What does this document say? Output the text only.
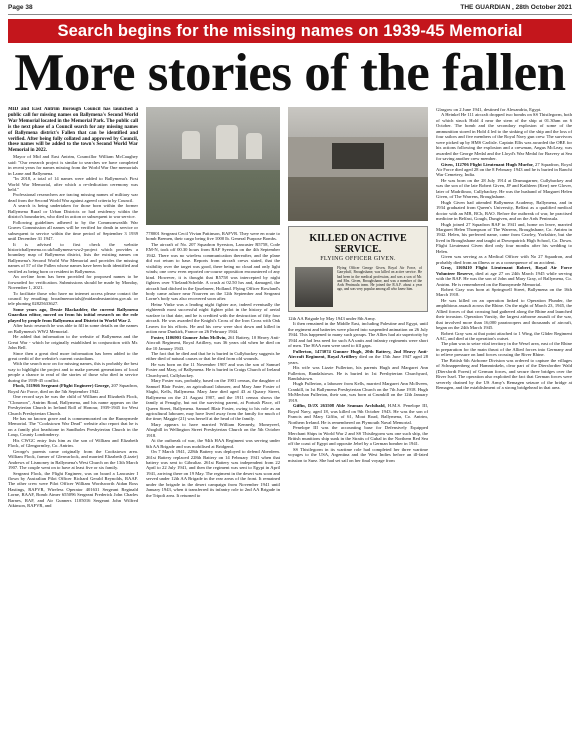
Page 38	THE GUARDIAN , 28th October 2021
Search begins for the missing names on 1939-45 Memorial
More stories of the fallen

MID and East Antrim Borough Council has launched a public call for missing names on Ballymena's Second World War Memorial located in the Memorial Park. The public call is the next phase of a Council search for any missing names of Ballymena district's Fallen that can be identified and verified. After being fully collated and approved by Council, these names will be added to the town's Second World War Memorial in 2022.

Mayor of Mid and East Antrim, Councillor William McCaughey said: "Our research project is similar to searches we have completed in recent years for names missing from the World War One memorials in Larne and Ballymena.

"In 2018, a total of 14 names were added to Ballymena's First World War Memorial, after which a re-dedication ceremony was held."

Professional researchers are tracing missing names of military war dead from the Second World War against agreed criteria by Council.

A search is being undertaken for those born within the former Ballymena Rural or Urban Districts or had residency within the district's boundaries, who died in action or subsequent to war service.

Following guidelines adhered to by the Commonwealth War Graves Commission all names will be verified for death in service or subsequent to service within the time period of September 3 1939 until December 31 1947.

It is advised to first check the website historicballymena.co.uk/ballymena-ww2-project which provides a boundary map of Ballymena district, lists the existing names on Ballymena's Second World War Memorial and provides the missing names of 57 of the Fallen whose names have been both identified and verified as being born or resident in Ballymena.

An on-line form has been provided for proposed names to be forwarded for verification. Submissions should be made by Monday, November 1, 2021.

To facilitate those who have no internet access please contact the council by emailing: broadmemorials@midandeastantrim.gov.uk or tele phoning 02825633627.

Some years ago, Dessie Blackadder, the current Ballymena Guardian editor, moved on from his initial research on the role played by people from Ballymena and District in World War 2.

After basic research he was able to fill in some details on the names on Ballymena's WW2 Memorial.

He added that information to the website of Ballymena and the Great War - which he originally established in conjunction with Mr. John Bell.

Since then a great deal more information has been added to the great credit of the website's current custodians.

With the search now on for missing names, this is probably the best way to highlight the project and to make present generations of local people a chance to read of the stories of those who died in service during the 1939-45 conflict.

Flock, 511966 Sergeant (Flight Engineer) George, 207 Squadron, Royal Air Force, died on the 5th September 1942.

One record says he was the child of William and Elizabeth Flock, "Clonavon", Antrim Road, Ballymena, and his name appears on the Presbyterian Church in Ireland Roll of Honour, 1939-1945 for West Church Presbyterian Church.

He has no known grave and is commemorated on the Runnymede Memorial. The "Cookstown War Dead" website also report that he is on a family plot headstone in Sandholes Presbyterian Church in the Loup, County Londonderry.

His CWGC entry lists him as the son of William and Elizabeth Flock, of Glengormley, Co. Antrim.

George's parents came originally from the Cookstown area. William Flock, farmer of Glenvarlock, and married Elizabeth (Lizzie) Andrews of Lismoney in Ballymena's West Church on the 13th March 1907. The couple went on to have at least five or six family.

Sergeant Flock, the Flight Engineer, was on board a Lancaster I flown by Australian Pilot Officer Richard Gerald Reynolds, RAAF. The other crew were Pilot Officer William Wordsworth Aidan Ross Hastings, RAFVR, Wireless Operator 401631 Sergeant Reginald Lorne, RAAF, Bomb Aimer 655096 Sergeant Frederick John Charles Barnes, RAF, and Air Gunners 1105016 Sergeant John Wilfred Atkinson, RAFVR, and

778001 Sergeant Cecil Vivian Pattinson, RAFVR. They were en route to bomb Bremen, their cargo being five 1000 lb. General Purpose Bombs.

The aircraft of No. 207 Squadron Syerston, Lancaster R5758, Code EM-N, took off 00.30 hours from RAF Syerston on the 4th September 1942. There was no wireless communication thereafter, and the plane did not return to base. Reports from aircraft crews stated, that the visibility over the target was good, there being no cloud and only light winds; one crew even reported on-course opposition encountered of any kind. However, it is thought that R5758 was intercepted by night fighters over Vlieland/Schelde. A crash at 02.50 hrs and, damaged, the aircraft had ditched in the Ijsselmeer, Holland. Flying Officer Rowland's body came ashore near Noarven on the 12th September and Sergeant Lorne's body was also recovered soon after.

Heinz Vinke was a leading night fighter ace, indeed eventually the eighteenth most successful night fighter pilot in the history of aerial warfare to that date, and he is credited with the destruction of fifty four aircraft. He was awarded the Knight's Cross of the Iron Cross with Oak Leaves for his efforts. He and his crew were shot down and killed in action near Dunkirk, France on 26 February 1944.

Foster, 1106901 Gunner John McIlvin, 261 Battery, 10 Heavy Anti-Aircraft Regiment, Royal Artillery, was 36 years old when he died on the 10 January 1943.

The fact that he died and that he is buried in Cullybackey suggests he either died of natural causes or that he died from old wounds.

He was born on the 11 November 1907 and was the son of Samuel Foster and Mary, of Ballymena. He is buried in Craigs Church of Ireland Churchyard, Cullybackey.

Mary Foster was, probably, based on the 1901 census, the daughter of Samuel Blair Foster, an agricultural labourer, and Mary Jane Foster of Slaght, Kells, Ballymena. Mary Jane died aged 43 at Quarry Street, Ballymena on the 21 August 1907, and the 1911 census shows the family at Fenaghy, but not the surviving parent, at Portush Place, off Queen Street, Ballymena. Samuel Blair Foster, owing to his role as an agricultural labourer, may have lived away from the family for much of the time; Maggie (21) was herself at the head of the family.

Mary appears to have married William Kennedy, Moneyreel, Ahoghill in Wellington Street Presbyterian Church on the 5th October 1918.

At the outbreak of war, the 94th HAA Regiment was serving under 6th AA Brigade and was mobilised at Bridgend.

On 7 March 1941, 228th Battery was deployed to defend Aberdeen. 261st Battery replaced 228th Battery on 14 February 1941 when that battery was sent to Gibraltar. 261st Battery was independent from 22 April to 22 July 1941, and then the regiment was sent to Egypt in April 1941, arriving there on 19 May. The regiment in the desert was soon and served under 12th AA Brigade in the rear areas of the front. It remained under the brigade in the desert campaign from November 1941 until January 1943, when it transferred its infantry role to 2nd AA Brigade in the Tripoli area. It returned to

KILLED ON ACTIVE SERVICE.
FLYING OFFICER GIVEN.
Flying Officer George Given, Royal Air Force, of Garryduff, Broughshane, was killed on active service. He had been in the medical profession, and was a son of Mr. and Mrs. Given, Broughshane, and was a member of the Ards Peninsula team. He joined the R.A.F. about a year ago, and was very popular among all who knew him.

12th AA Brigade by May 1943 under 8th Army.

It then remained in the Middle East, including Palestine and Egypt, until the regiment and batteries were placed into suspended animation on 26 July 1944. This happened to many such groups. The Allies had air superiority by 1944 and fad less need for such AA units and infantry regiments were short of men. The HAA men were used to fill gaps.

Fullerton, 1473074 Gunner Hugh, 20th Battery, 2nd Heavy Anti-Aircraft Regiment, Royal Artillery died on the 15th June 1947 aged 28 years.

His wife was Lizzie Fullerton, his parents Hugh and Margaret Ann Fullerton, Randalstown. He is buried in 1st Presbyterian Churchyard, Randalstown.

Hugh Fullerton, a labourer from Kells, married Margaret Ann McIlveen, Crankill, in 1st Ballymena Presbyterian Church on the 7th June 1918. Hugh McMechan Fullerton, their son, was born at Crumkill on the 12th January 1919.

Giffin, D/JX 263508 Able Seaman Archibald, H.M.S. Penelope III, Royal Navy, aged 18, was killed on 9th October 1943. He was the son of Francis and Mary Giffin, of 61, Moat Road, Ballymena, Co. Antrim, Northern Ireland. He is remembered on Plymouth Naval Memorial.

Penelope III was the accounting base for Defensively Equipped Merchant Ships in World War 2 and SS Thistlegorm was one such ship, the British munitions ship sunk in the Straits of Gubal in the Northern Red Sea off the coast of Egypt and opposite Jebel by a German bomber in 1941.

SS Thistlegorm in its wartime role had completed her three wartime voyages to the USA, Argentina and the West Indies before an ill-fated mission to Suez. She had set sail on her final voyage from

Glasgow on 2 June 1941, destined for Alexandria, Egypt.

A Heinkel He 111 aircraft dropped two bombs on SS Thistlegorm, both of which struck Hold 4 near the stern of the ship at 01.30am on 6 October. The bomb and the secondary explosion of some of the ammunition stored in Hold 4 led to the sinking of the ship and the loss of four sailors and five members of the Royal Navy gun crew. The survivors were picked up by HMS Carlisle. Captain Ellis was awarded the OBE for his actions following the explosion and a crewman, Angus McLeay, was awarded the George Medal and the Lloyd's War Medal for Bravery at Sea for saving another crew member.

Given, 112706 Flight Lieutenant Hugh Murfor, 27 Squadron, Royal Air Force died aged 28 on the 8 February 1943 and he is buried in Ranchi War Cemetery, India.

He was born on the 28 July 1914 at Drumagarner, Cullybackey and was the son of the late Robert Given, JP and Kathleen (Kerr) nee Glover, later of Madrilinoo, Cullybackey. He was the husband of Margaret Helen Given, of The Warrens, Broughshane.

Hugh Given had attended Ballymena Academy, Ballymena, and in 1934 graduated from Queen's University, Belfast as a qualified medical doctor with an MB, BCh, BAO. Before the outbreak of war, he practised medicine in Belfast, Gough, Dungiven, and on the Ards Peninsula.

Hugh joined 27 Squadron RAF in 1941 and, home on leave, married Margaret Helen Thompson of The Warrens, Broughshane, Co. Antrim in 1942. Helen, his preferred name, came from Cawley, Yorkshire, but she lived in Broughshane and taught at Downpatrick High School, Co. Down. Flight Lieutenant Given died only four months after his wedding to Helen.

Given was serving as a Medical Officer with No 27 Squadron, and probably died from an illness or as a consequence of an accident.

Gray, 1160410 Flight Lieutenant Robert, Royal Air Force Volunteer Reserve, died at age 27 on 24th March 1945 while serving with the RAF. He was the son of John and Mary Gray, of Ballymena, Co. Antrim. He is remembered on the Runnymede Memorial.

Robert Gray was born at Springwell Street, Ballymena on the 16th March 1918.

He was killed on an operation linked to Operation Plunder, the amphibious assault across the Rhine. On the night of March 23, 1945, the Allied forces of that crossing had gathered along the Rhine and launched their invasion. Operation Varsity, the largest airborne assault of the war, that involved more than 16,000 paratroopers and thousands of aircraft, began on the 24th March 1945.

Robert Gray was at that point attached to 1 Wing, the Glider Regiment AAC, and died at the operation's outset.

The plan was to seize vital territory in the Wesel area, east of the Rhine in preparation for the main thrust of the Allied forces into Germany and to relieve pressure on land forces crossing the River Rhine.

The British 6th Airborne Division was ordered to capture the villages of Schnappenberg and Hamminkeln, clear part of the Diersfordter Wald (Diersfordt Forest) of German forces, and secure three bridges over the River Issel. The operation also exploited the fact that German forces were severely drained by the US Army's Remagen seizure of the bridge at Remagen, and the establishment of a strong bridgehead in that area.
